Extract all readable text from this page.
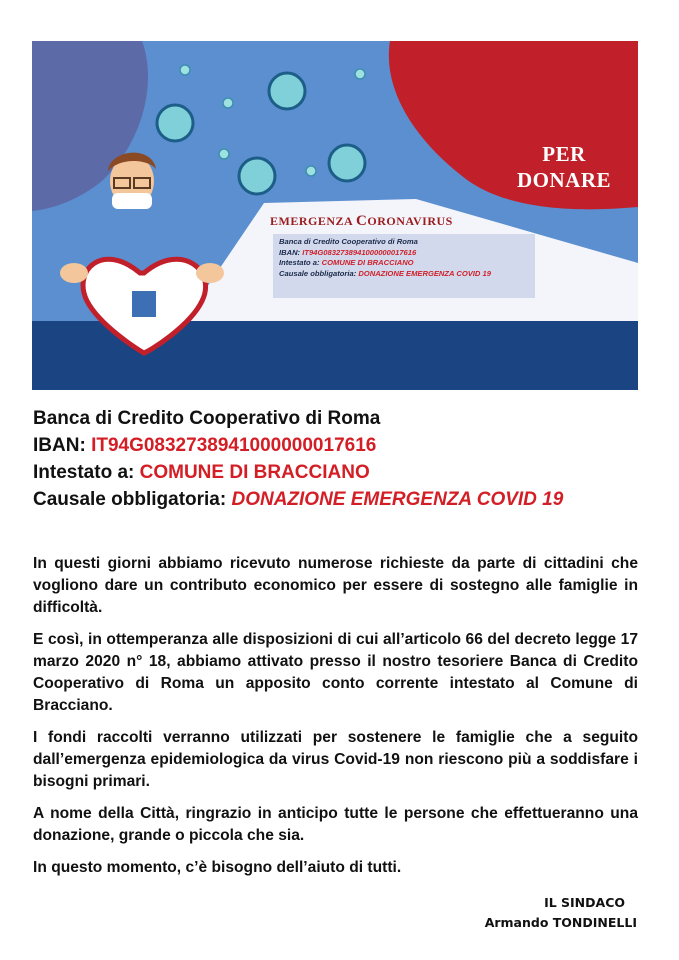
EMERGENZA CORONAVIRUS
Banca di Credito Cooperativo di Roma
IBAN: IT94G0832738941000000017616
Intestato a: COMUNE DI BRACCIANO
Causale obbligatoria: DONAZIONE EMERGENZA COVID 19
PER
DONARE
Banca di Credito Cooperativo di Roma
IBAN: IT94G0832738941000000017616
Intestato a: COMUNE DI BRACCIANO
Causale obbligatoria: DONAZIONE EMERGENZA COVID 19

In questi giorni abbiamo ricevuto numerose richieste da parte di cittadini che vogliono dare un contributo economico per essere di sostegno alle famiglie in difficoltà.

E così, in ottemperanza alle disposizioni di cui all’articolo 66 del decreto legge 17 marzo 2020 n° 18, abbiamo attivato presso il nostro tesoriere Banca di Credito Cooperativo di Roma un apposito conto corrente intestato al Comune di Bracciano.

I fondi raccolti verranno utilizzati per sostenere le famiglie che a seguito dall’emergenza epidemiologica da virus Covid-19 non riescono più a soddisfare i bisogni primari.

A nome della Città, ringrazio in anticipo tutte le persone che effettueranno una donazione, grande o piccola che sia.

In questo momento, c’è bisogno dell’aiuto di tutti.

IL SINDACO
Armando TONDINELLI
